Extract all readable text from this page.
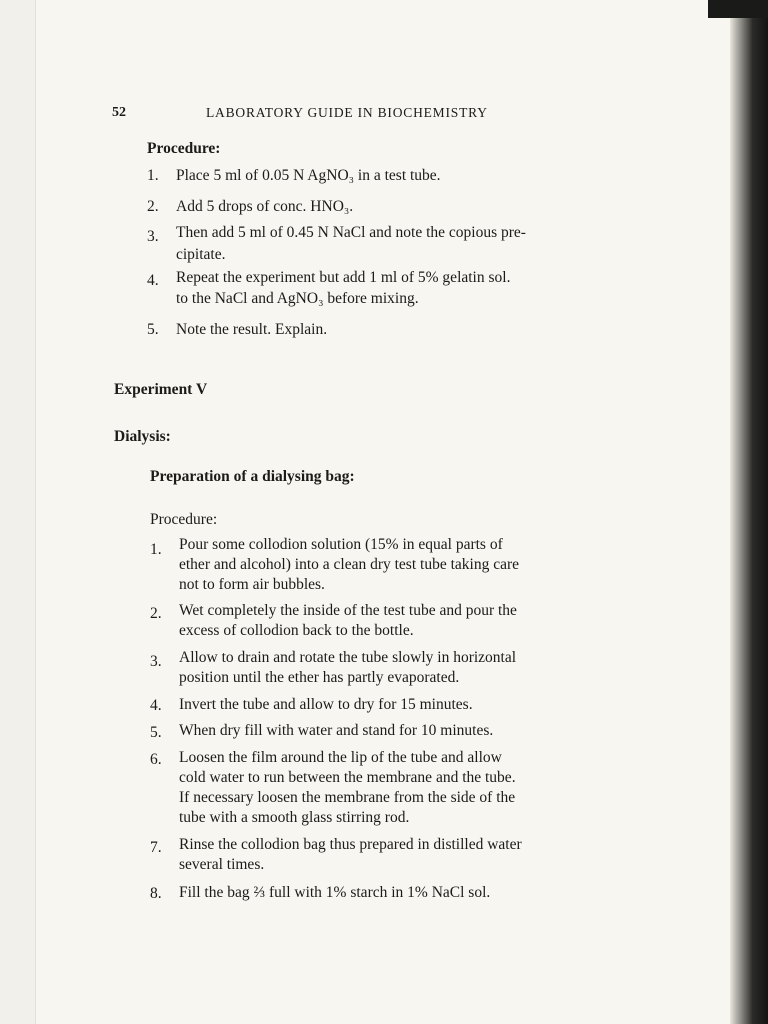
52	LABORATORY GUIDE IN BIOCHEMISTRY
Procedure:
1. Place 5 ml of 0.05 N AgNO₃ in a test tube.
2. Add 5 drops of conc. HNO₃.
3. Then add 5 ml of 0.45 N NaCl and note the copious pre-
cipitate.
4. Repeat the experiment but add 1 ml of 5% gelatin sol.
to the NaCl and AgNO₃ before mixing.
5. Note the result. Explain.
Experiment V
Dialysis:
Preparation of a dialysing bag:
Procedure:
1. Pour some collodion solution (15% in equal parts of
ether and alcohol) into a clean dry test tube taking care
not to form air bubbles.
2. Wet completely the inside of the test tube and pour the
excess of collodion back to the bottle.
3. Allow to drain and rotate the tube slowly in horizontal
position until the ether has partly evaporated.
4. Invert the tube and allow to dry for 15 minutes.
5. When dry fill with water and stand for 10 minutes.
6. Loosen the film around the lip of the tube and allow
cold water to run between the membrane and the tube.
If necessary loosen the membrane from the side of the
tube with a smooth glass stirring rod.
7. Rinse the collodion bag thus prepared in distilled water
several times.
8. Fill the bag ⅔ full with 1% starch in 1% NaCl sol.
